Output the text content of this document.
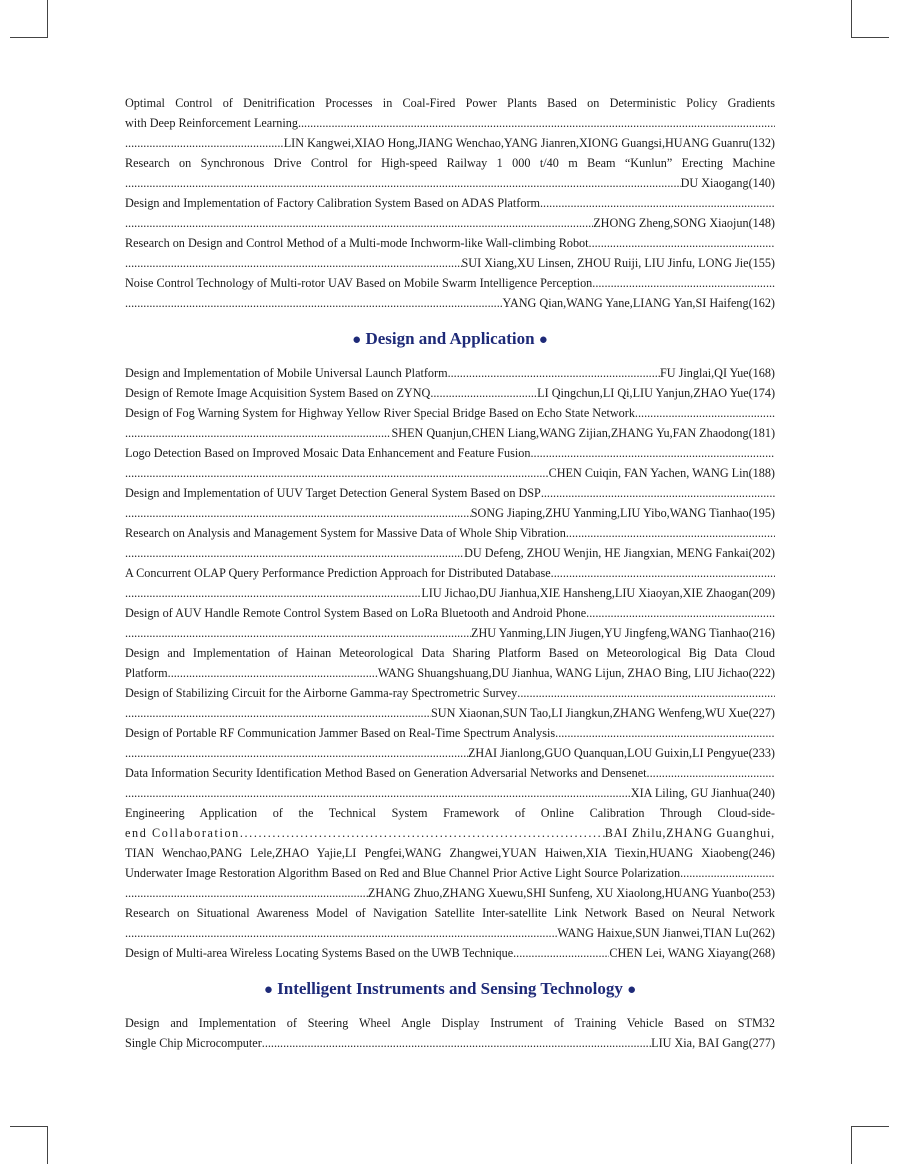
Optimal Control of Denitrification Processes in Coal-Fired Power Plants Based on Deterministic Policy Gradients
with Deep Reinforcement Learning
.....
.....
LIN Kangwei,XIAO Hong,JIANG Wenchao,YANG Jianren,XIONG Guangsi,HUANG Guanru(132)
Research on Synchronous Drive Control for High-speed Railway 1 000 t/40 m Beam “Kunlun” Erecting Machine
.....
DU Xiaogang(140)
Design and Implementation of Factory Calibration System Based on ADAS Platform
.....
.....
ZHONG Zheng,SONG Xiaojun(148)
Research on Design and Control Method of a Multi-mode Inchworm-like Wall-climbing Robot
.....
.....
SUI Xiang,XU Linsen, ZHOU Ruiji, LIU Jinfu, LONG Jie(155)
Noise Control Technology of Multi-rotor UAV Based on Mobile Swarm Intelligence Perception
.....
.....
YANG Qian,WANG Yane,LIANG Yan,SI Haifeng(162)
● Design and Application ●
Design and Implementation of Mobile Universal Launch Platform .....	FU Jinglai,QI Yue(168)
Design of Remote Image Acquisition System Based on ZYNQ .....	LI Qingchun,LI Qi,LIU Yanjun,ZHAO Yue(174)
Design of Fog Warning System for Highway Yellow River Special Bridge Based on Echo State Network
.....
.....
SHEN Quanjun,CHEN Liang,WANG Zijian,ZHANG Yu,FAN Zhaodong(181)
Logo Detection Based on Improved Mosaic Data Enhancement and Feature Fusion
.....
.....
CHEN Cuiqin, FAN Yachen, WANG Lin(188)
Design and Implementation of UUV Target Detection General System Based on DSP
.....
.....
SONG Jiaping,ZHU Yanming,LIU Yibo,WANG Tianhao(195)
Research on Analysis and Management System for Massive Data of Whole Ship Vibration
.....
.....
DU Defeng, ZHOU Wenjin, HE Jiangxian, MENG Fankai(202)
A Concurrent OLAP Query Performance Prediction Approach for Distributed Database
.....
.....
LIU Jichao,DU Jianhua,XIE Hansheng,LIU Xiaoyan,XIE Zhaogan(209)
Design of AUV Handle Remote Control System Based on LoRa Bluetooth and Android Phone
.....
.....
ZHU Yanming,LIN Jiugen,YU Jingfeng,WANG Tianhao(216)
Design and Implementation of Hainan Meteorological Data Sharing Platform Based on Meteorological Big Data Cloud
Platform .....	WANG Shuangshuang,DU Jianhua, WANG Lijun, ZHAO Bing, LIU Jichao(222)
Design of Stabilizing Circuit for the Airborne Gamma-ray Spectrometric Survey
.....
.....
SUN Xiaonan,SUN Tao,LI Jiangkun,ZHANG Wenfeng,WU Xue(227)
Design of Portable RF Communication Jammer Based on Real-Time Spectrum Analysis
.....
.....
ZHAI Jianlong,GUO Quanquan,LOU Guixin,LI Pengyue(233)
Data Information Security Identification Method Based on Generation Adversarial Networks and Densenet
.....
.....
XIA Liling, GU Jianhua(240)
Engineering Application of the Technical System Framework of Online Calibration Through Cloud-side-
end Collaboration .....	BAI Zhilu,ZHANG Guanghui,
TIAN Wenchao,PANG Lele,ZHAO Yajie,LI Pengfei,WANG Zhangwei,YUAN Haiwen,XIA Tiexin,HUANG Xiaobeng(246)
Underwater Image Restoration Algorithm Based on Red and Blue Channel Prior Active Light Source Polarization
.....
.....
ZHANG Zhuo,ZHANG Xuewu,SHI Sunfeng, XU Xiaolong,HUANG Yuanbo(253)
Research on Situational Awareness Model of Navigation Satellite Inter-satellite Link Network Based on Neural Network
.....
WANG Haixue,SUN Jianwei,TIAN Lu(262)
Design of Multi-area Wireless Locating Systems Based on the UWB Technique .....	CHEN Lei, WANG Xiayang(268)
● Intelligent Instruments and Sensing Technology ●
Design and Implementation of Steering Wheel Angle Display Instrument of Training Vehicle Based on STM32
Single Chip Microcomputer .....	LIU Xia, BAI Gang(277)
